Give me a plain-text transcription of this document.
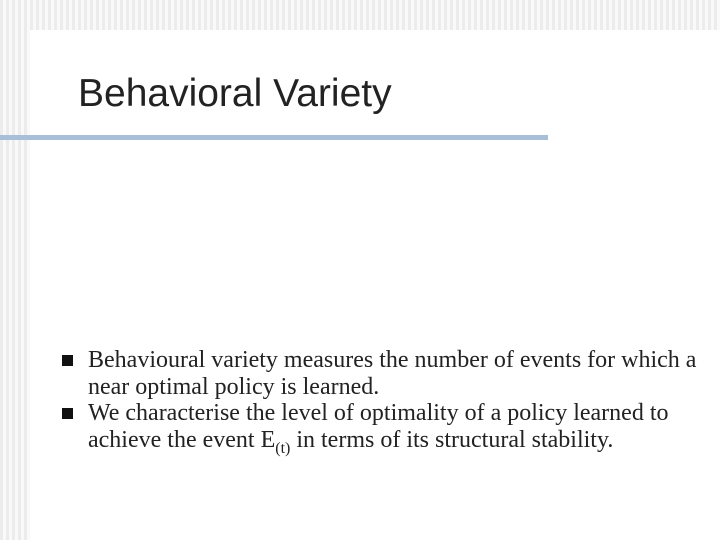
Behavioral Variety
Behavioural variety measures the number of events for which a near optimal policy is learned.
We characterise the level of optimality of a policy learned to achieve the event $E_{(t)}$ in terms of its structural stability.
